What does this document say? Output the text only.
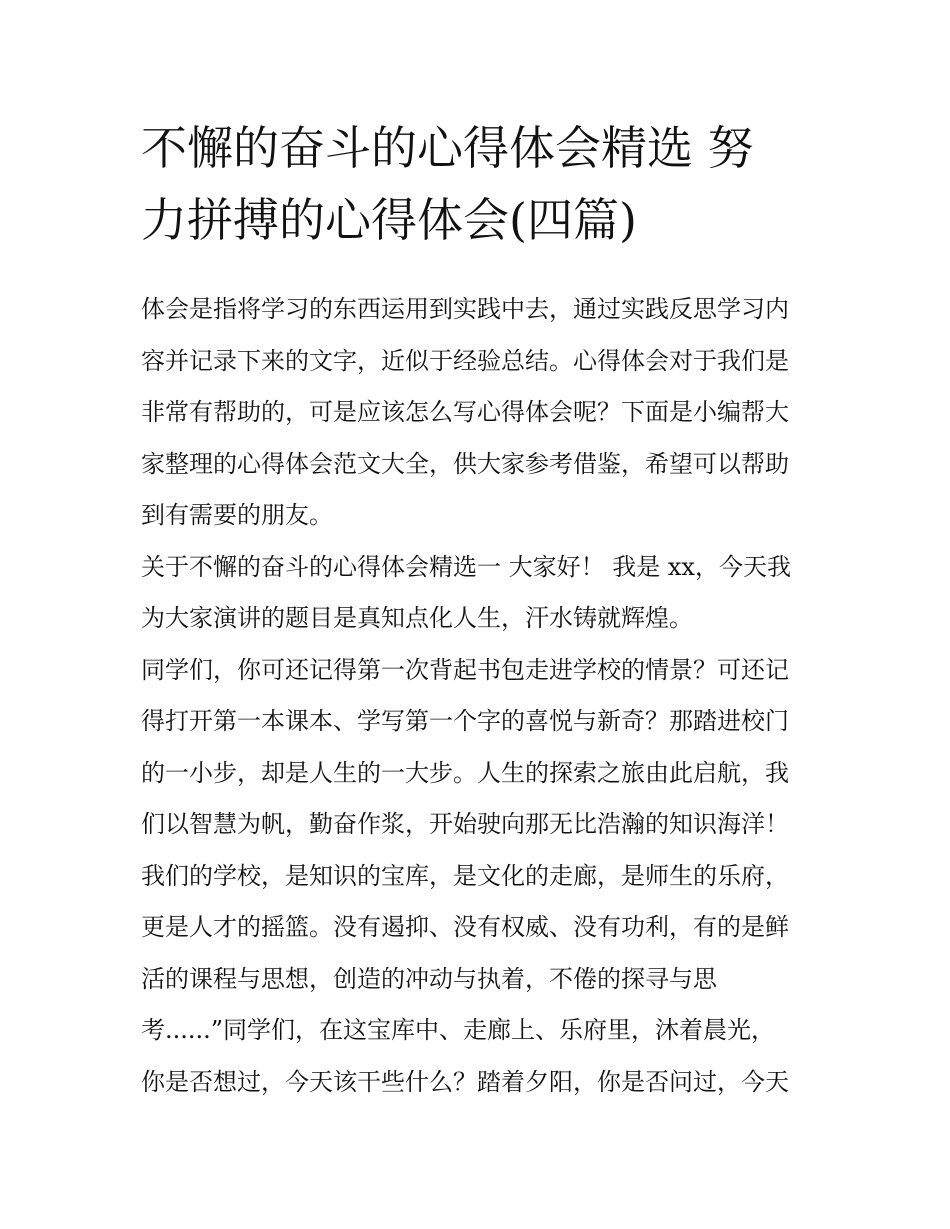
不懈的奋斗的心得体会精选 努
力拼搏的心得体会(四篇)
体会是指将学习的东西运用到实践中去，通过实践反思学习内
容并记录下来的文字，近似于经验总结。心得体会对于我们是
非常有帮助的，可是应该怎么写心得体会呢？下面是小编帮大
家整理的心得体会范文大全，供大家参考借鉴，希望可以帮助
到有需要的朋友。
关于不懈的奋斗的心得体会精选一 大家好！ 我是 xx，今天我
为大家演讲的题目是真知点化人生，汗水铸就辉煌。
同学们，你可还记得第一次背起书包走进学校的情景？可还记
得打开第一本课本、学写第一个字的喜悦与新奇？那踏进校门
的一小步，却是人生的一大步。人生的探索之旅由此启航，我
们以智慧为帆，勤奋作浆，开始驶向那无比浩瀚的知识海洋！
我们的学校，是知识的宝库，是文化的走廊，是师生的乐府，
更是人才的摇篮。没有遏抑、没有权威、没有功利，有的是鲜
活的课程与思想，创造的冲动与执着，不倦的探寻与思
考......”同学们，在这宝库中、走廊上、乐府里，沐着晨光，
你是否想过，今天该干些什么？踏着夕阳，你是否问过，今天
